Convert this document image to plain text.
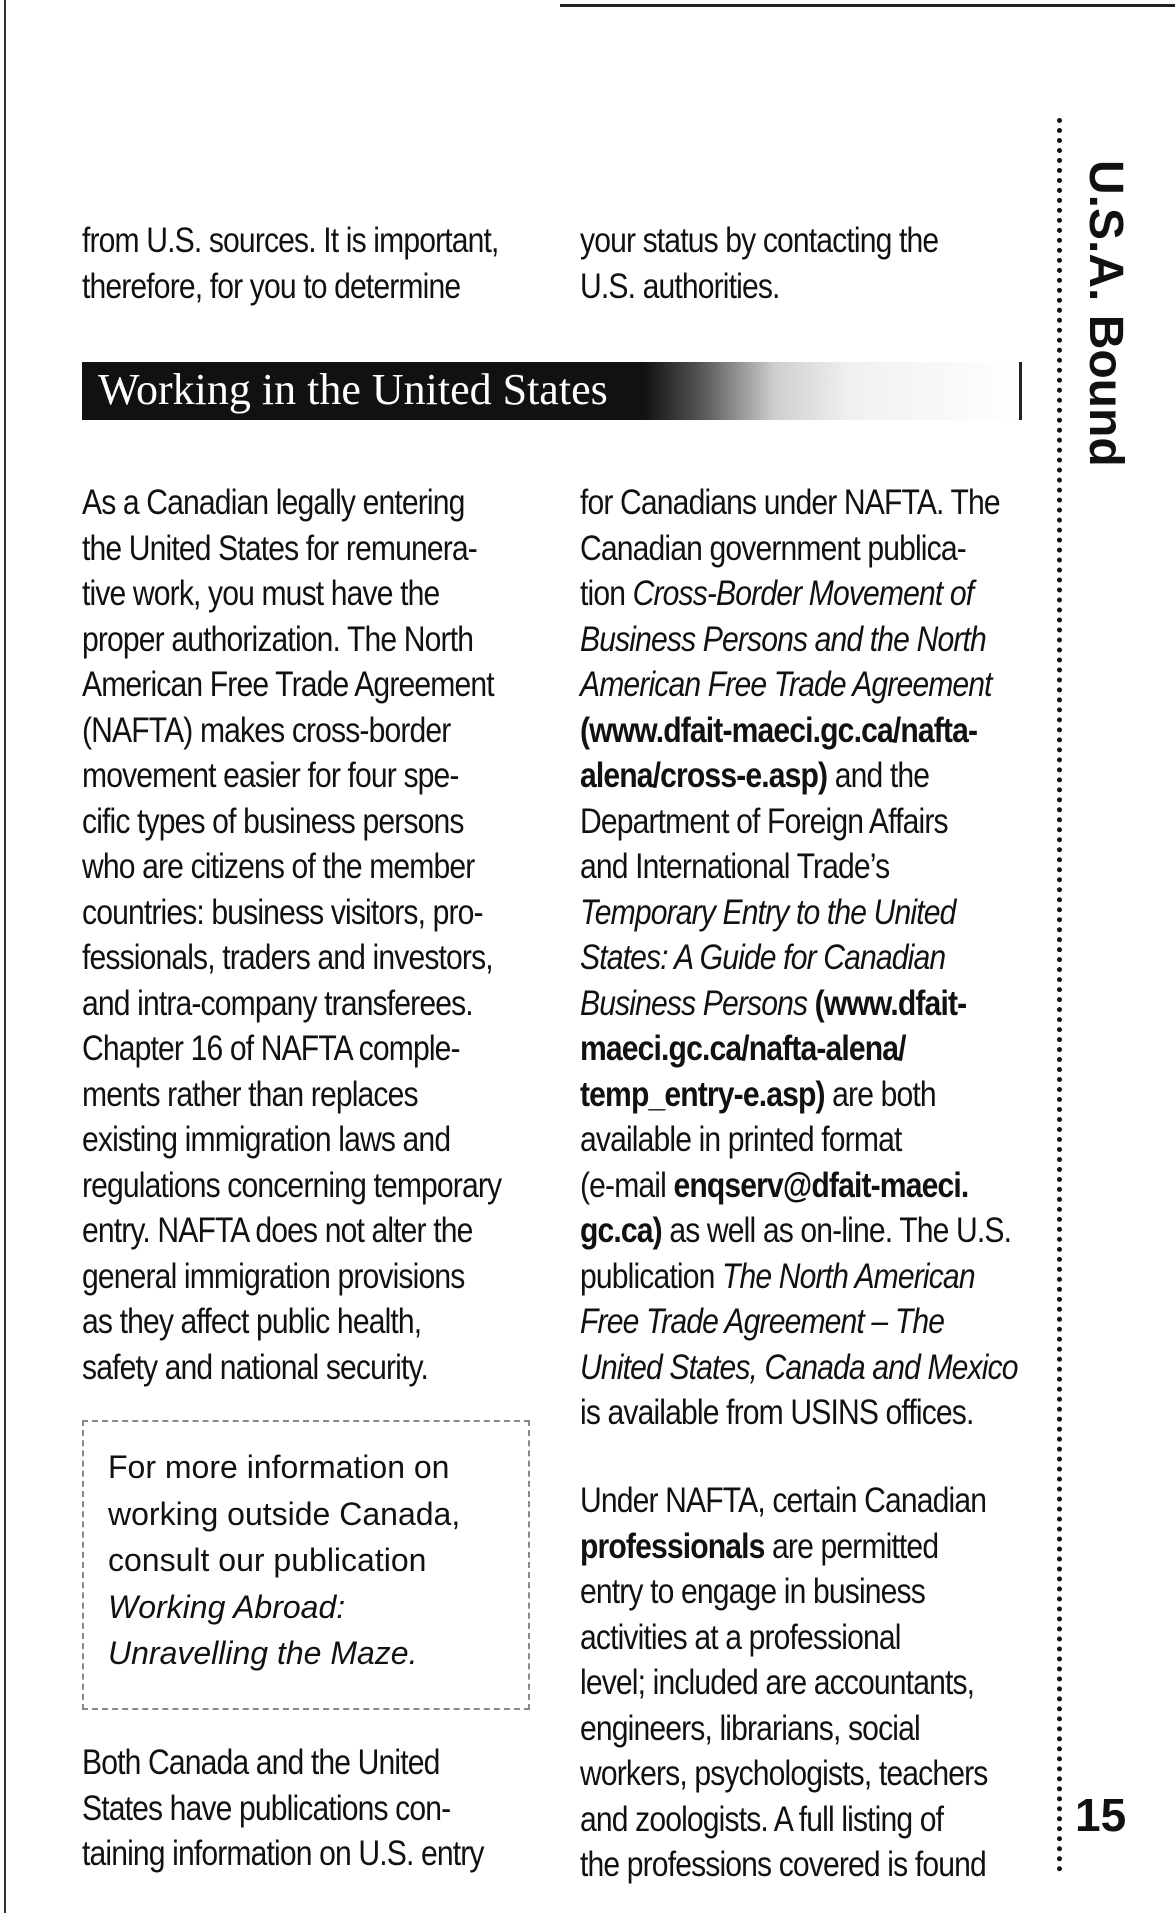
from U.S. sources. It is important,
therefore, for you to determine
your status by contacting the
U.S. authorities.
Working in the United States
As a Canadian legally entering
the United States for remunera-
tive work, you must have the
proper authorization. The North
American Free Trade Agreement
(NAFTA) makes cross-border
movement easier for four spe-
cific types of business persons
who are citizens of the member
countries: business visitors, pro-
fessionals, traders and investors,
and intra-company transferees.
Chapter 16 of NAFTA comple-
ments rather than replaces
existing immigration laws and
regulations concerning temporary
entry. NAFTA does not alter the
general immigration provisions
as they affect public health,
safety and national security.
For more information on
working outside Canada,
consult our publication
Working Abroad:
Unravelling the Maze.
Both Canada and the United
States have publications con-
taining information on U.S. entry
for Canadians under NAFTA. The
Canadian government publica-
tion Cross-Border Movement of
Business Persons and the North
American Free Trade Agreement
(www.dfait-maeci.gc.ca/nafta-
alena/cross-e.asp) and the
Department of Foreign Affairs
and International Trade’s
Temporary Entry to the United
States: A Guide for Canadian
Business Persons (www.dfait-
maeci.gc.ca/nafta-alena/
temp_entry-e.asp) are both
available in printed format
(e-mail enqserv@dfait-maeci.
gc.ca) as well as on-line. The U.S.
publication The North American
Free Trade Agreement – The
United States, Canada and Mexico
is available from USINS offices.
Under NAFTA, certain Canadian
professionals are permitted
entry to engage in business
activities at a professional
level; included are accountants,
engineers, librarians, social
workers, psychologists, teachers
and zoologists. A full listing of
the professions covered is found
U.S.A. Bound
15
